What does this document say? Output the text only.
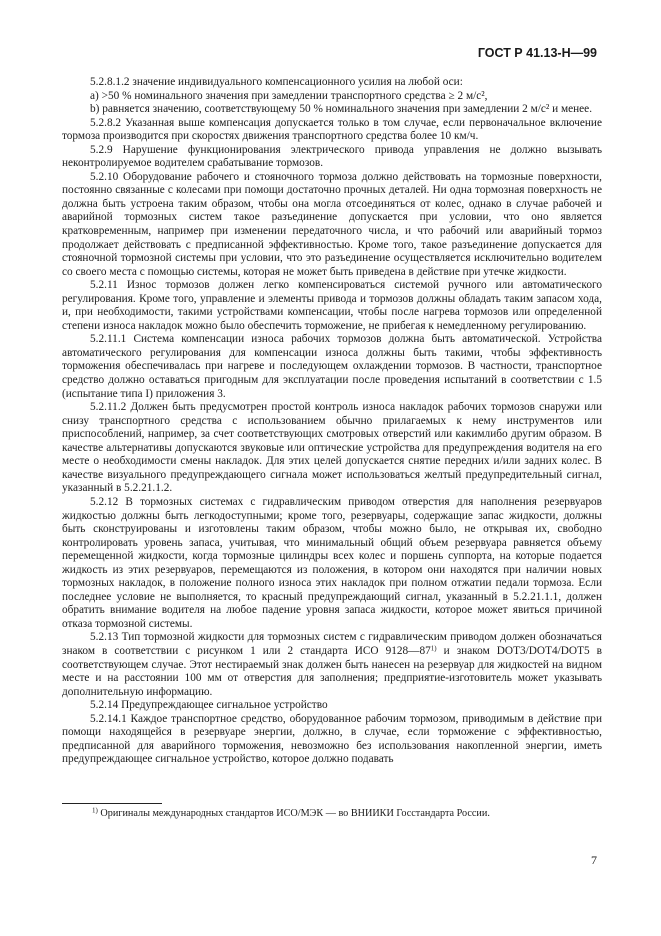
ГОСТ Р 41.13-Н—99

5.2.8.1.2 значение индивидуального компенсационного усилия на любой оси:

a) >50 % номинального значения при замедлении транспортного средства ≥ 2 м/с²,

b) равняется значению, соответствующему 50 % номинального значения при замедлении 2 м/с² и менее.

5.2.8.2 Указанная выше компенсация допускается только в том случае, если первоначальное включение тормоза производится при скоростях движения транспортного средства более 10 км/ч.

5.2.9 Нарушение функционирования электрического привода управления не должно вызывать неконтролируемое водителем срабатывание тормозов.

5.2.10 Оборудование рабочего и стояночного тормоза должно действовать на тормозные поверхности, постоянно связанные с колесами при помощи достаточно прочных деталей. Ни одна тормозная поверхность не должна быть устроена таким образом, чтобы она могла отсоединяться от колес, однако в случае рабочей и аварийной тормозных систем такое разъединение допускается при условии, что оно является кратковременным, например при изменении передаточного числа, и что рабочий или аварийный тормоз продолжает действовать с предписанной эффективностью. Кроме того, такое разъединение допускается для стояночной тормозной системы при условии, что это разъединение осуществляется исключительно водителем со своего места с помощью системы, которая не может быть приведена в действие при утечке жидкости.

5.2.11 Износ тормозов должен легко компенсироваться системой ручного или автоматического регулирования. Кроме того, управление и элементы привода и тормозов должны обладать таким запасом хода, и, при необходимости, такими устройствами компенсации, чтобы после нагрева тормозов или определенной степени износа накладок можно было обеспечить торможение, не прибегая к немедленному регулированию.

5.2.11.1 Система компенсации износа рабочих тормозов должна быть автоматической. Устройства автоматического регулирования для компенсации износа должны быть такими, чтобы эффективность торможения обеспечивалась при нагреве и последующем охлаждении тормозов. В частности, транспортное средство должно оставаться пригодным для эксплуатации после проведения испытаний в соответствии с 1.5 (испытание типа I) приложения 3.

5.2.11.2 Должен быть предусмотрен простой контроль износа накладок рабочих тормозов снаружи или снизу транспортного средства с использованием обычно прилагаемых к нему инструментов или приспособлений, например, за счет соответствующих смотровых отверстий или какимлибо другим образом. В качестве альтернативы допускаются звуковые или оптические устройства для предупреждения водителя на его месте о необходимости смены накладок. Для этих целей допускается снятие передних и/или задних колес. В качестве визуального предупреждающего сигнала может использоваться желтый предупредительный сигнал, указанный в 5.2.21.1.2.

5.2.12 В тормозных системах с гидравлическим приводом отверстия для наполнения резервуаров жидкостью должны быть легкодоступными; кроме того, резервуары, содержащие запас жидкости, должны быть сконструированы и изготовлены таким образом, чтобы можно было, не открывая их, свободно контролировать уровень запаса, учитывая, что минимальный общий объем резервуара равняется объему перемещенной жидкости, когда тормозные цилиндры всех колес и поршень суппорта, на которые подается жидкость из этих резервуаров, перемещаются из положения, в котором они находятся при наличии новых тормозных накладок, в положение полного износа этих накладок при полном отжатии педали тормоза. Если последнее условие не выполняется, то красный предупреждающий сигнал, указанный в 5.2.21.1.1, должен обратить внимание водителя на любое падение уровня запаса жидкости, которое может явиться причиной отказа тормозной системы.

5.2.13 Тип тормозной жидкости для тормозных систем с гидравлическим приводом должен обозначаться знаком в соответствии с рисунком 1 или 2 стандарта ИСО 9128—87$^{1)}$ и знаком DOT3/DOT4/DOT5 в соответствующем случае. Этот нестираемый знак должен быть нанесен на резервуар для жидкостей на видном месте и на расстоянии 100 мм от отверстия для заполнения; предприятие-изготовитель может указывать дополнительную информацию.

5.2.14 Предупреждающее сигнальное устройство

5.2.14.1 Каждое транспортное средство, оборудованное рабочим тормозом, приводимым в действие при помощи находящейся в резервуаре энергии, должно, в случае, если торможение с эффективностью, предписанной для аварийного торможения, невозможно без использования накопленной энергии, иметь предупреждающее сигнальное устройство, которое должно подавать

$^{1)}$ Оригиналы международных стандартов ИСО/МЭК — во ВНИИКИ Госстандарта России.
7
